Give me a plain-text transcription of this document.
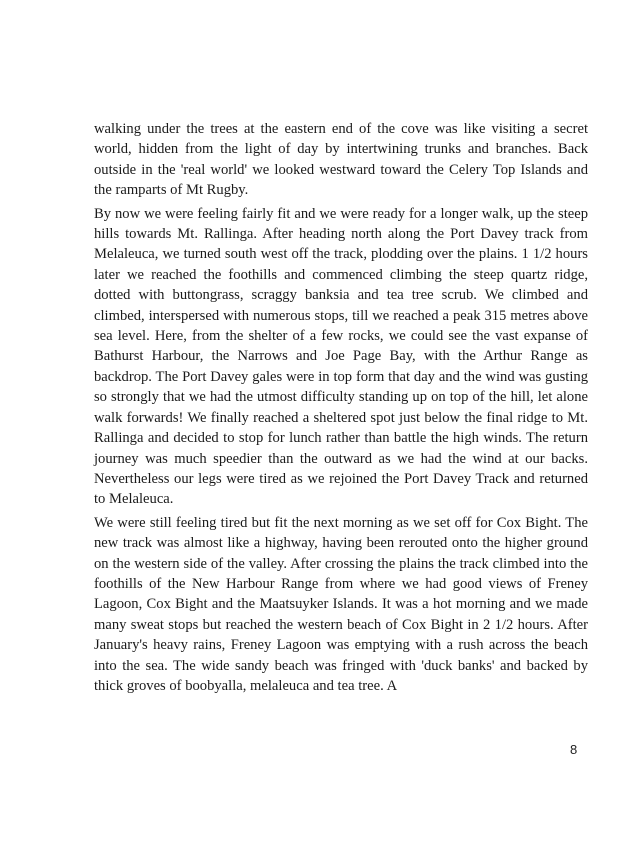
walking under the trees at the eastern end of the cove was like visiting a secret world, hidden from the light of day by intertwining trunks and branches. Back outside in the 'real world' we looked westward toward the Celery Top Islands and the ramparts of Mt Rugby.

By now we were feeling fairly fit and we were ready for a longer walk, up the steep hills towards Mt. Rallinga. After heading north along the Port Davey track from Melaleuca, we turned south west off the track, plodding over the plains. 1 1/2 hours later we reached the foothills and commenced climbing the steep quartz ridge, dotted with buttongrass, scraggy banksia and tea tree scrub. We climbed and climbed, interspersed with numerous stops, till we reached a peak 315 metres above sea level. Here, from the shelter of a few rocks, we could see the vast expanse of Bathurst Harbour, the Narrows and Joe Page Bay, with the Arthur Range as backdrop. The Port Davey gales were in top form that day and the wind was gusting so strongly that we had the utmost difficulty standing up on top of the hill, let alone walk forwards! We finally reached a sheltered spot just below the final ridge to Mt. Rallinga and decided to stop for lunch rather than battle the high winds. The return journey was much speedier than the outward as we had the wind at our backs. Nevertheless our legs were tired as we rejoined the Port Davey Track and returned to Melaleuca.

We were still feeling tired but fit the next morning as we set off for Cox Bight. The new track was almost like a highway, having been rerouted onto the higher ground on the western side of the valley. After crossing the plains the track climbed into the foothills of the New Harbour Range from where we had good views of Freney Lagoon, Cox Bight and the Maatsuyker Islands. It was a hot morning and we made many sweat stops but reached the western beach of Cox Bight in 2 1/2 hours. After January's heavy rains, Freney Lagoon was emptying with a rush across the beach into the sea. The wide sandy beach was fringed with 'duck banks' and backed by thick groves of boobyalla, melaleuca and tea tree. A

8
